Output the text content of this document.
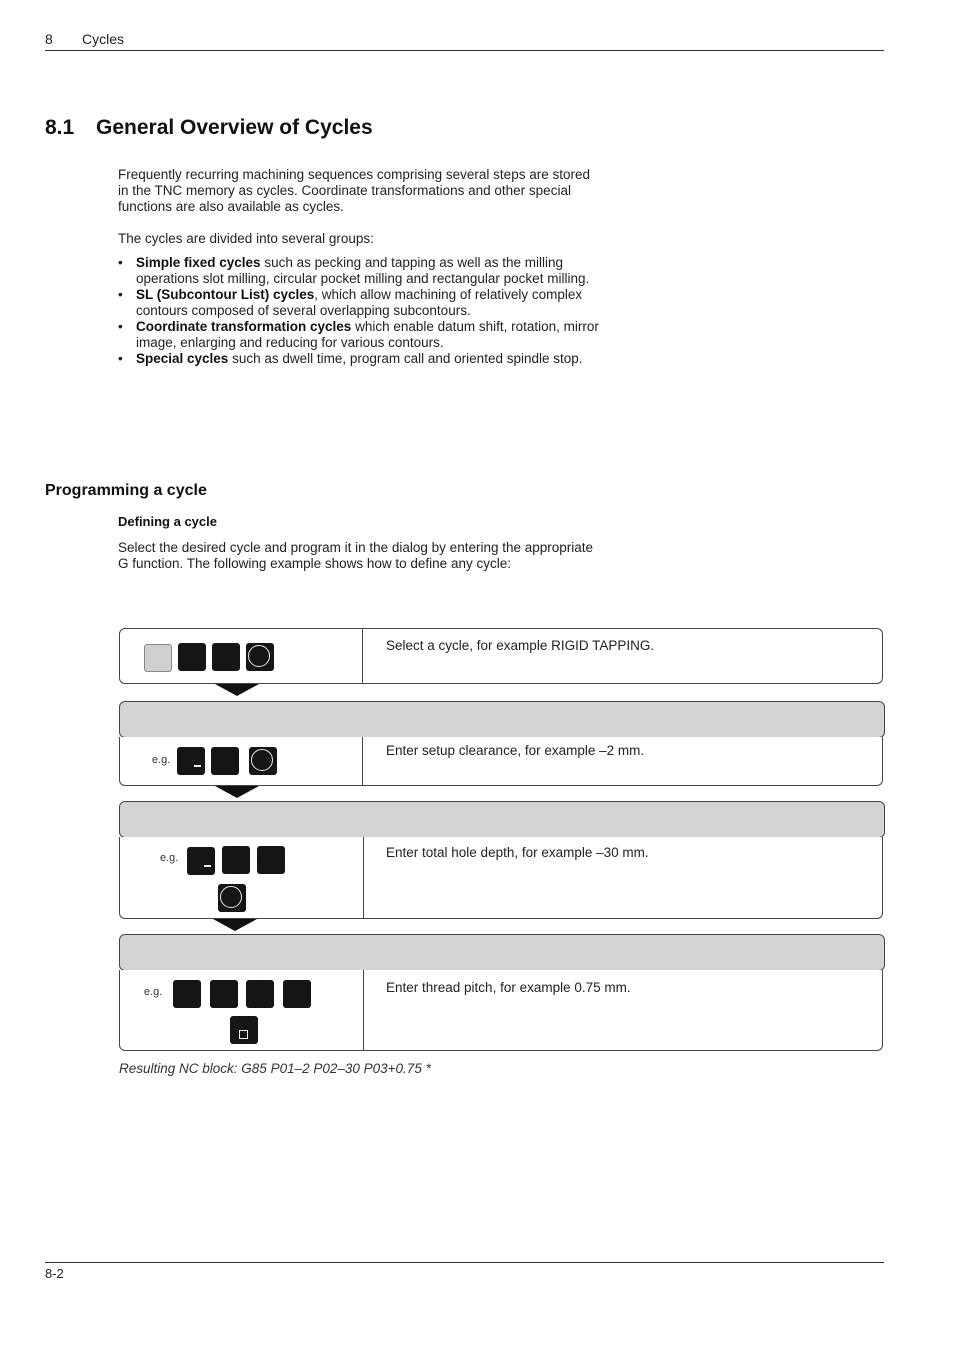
8 Cycles
8.1 General Overview of Cycles
Frequently recurring machining sequences comprising several steps are stored in the TNC memory as cycles. Coordinate transformations and other special functions are also available as cycles.
The cycles are divided into several groups:
• Simple fixed cycles such as pecking and tapping as well as the milling operations slot milling, circular pocket milling and rectangular pocket milling.
• SL (Subcontour List) cycles, which allow machining of relatively complex contours composed of several overlapping subcontours.
• Coordinate transformation cycles which enable datum shift, rotation, mirror image, enlarging and reducing for various contours.
• Special cycles such as dwell time, program call and oriented spindle stop.
Programming a cycle
Defining a cycle
Select the desired cycle and program it in the dialog by entering the appropriate G function. The following example shows how to define any cycle:
Select a cycle, for example RIGID TAPPING.
e.g.
Enter setup clearance, for example –2 mm.
e.g.	Enter total hole depth, for example –30 mm.
e.g.	Enter thread pitch, for example 0.75 mm.
Resulting NC block: G85 P01–2 P02–30 P03+0.75 *
8-2
